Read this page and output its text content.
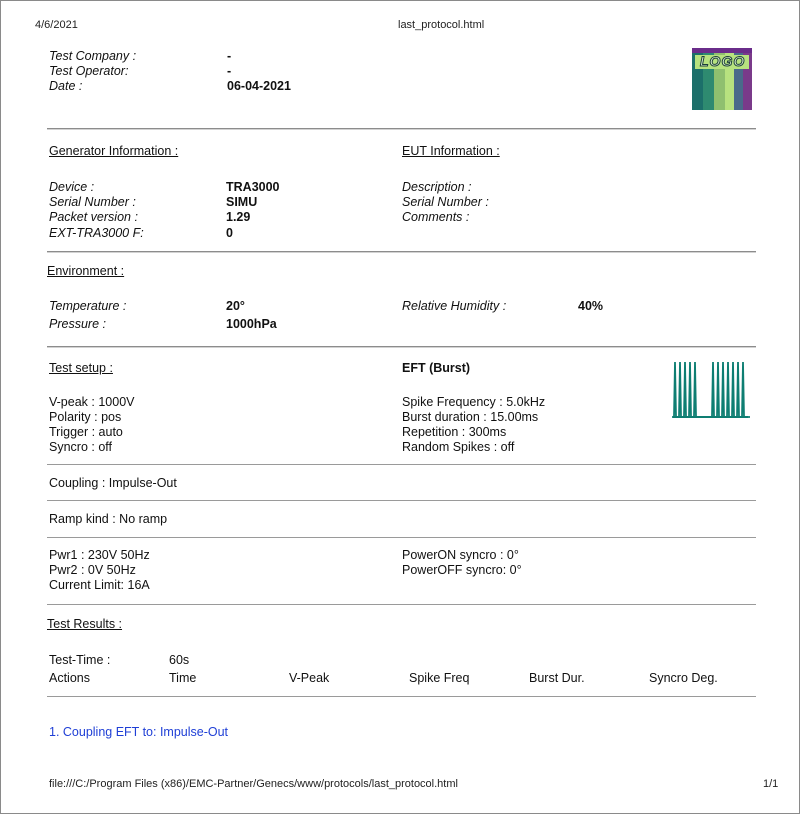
4/6/2021	last_protocol.html
Test Company :	-
Test Operator:	-
Date :	06-04-2021
LOGO
Generator Information :	EUT Information :
Device :	TRA3000
Serial Number :	SIMU
Packet version :	1.29
EXT-TRA3000 F:	0
Description :
Serial Number :
Comments :
Environment :
Temperature :	20°	Relative Humidity :	40%
Pressure :	1000hPa
Test setup :	EFT (Burst)
V-peak : 1000V
Polarity : pos
Trigger : auto
Syncro : off
Spike Frequency : 5.0kHz
Burst duration : 15.00ms
Repetition : 300ms
Random Spikes : off
Coupling : Impulse-Out
Ramp kind : No ramp
Pwr1 : 230V 50Hz
Pwr2 : 0V 50Hz
Current Limit: 16A
PowerON syncro : 0°
PowerOFF syncro: 0°
Test Results :
Test-Time :	60s
Actions	Time	V-Peak	Spike Freq	Burst Dur.	Syncro Deg.
1. Coupling EFT to: Impulse-Out
file:///C:/Program Files (x86)/EMC-Partner/Genecs/www/protocols/last_protocol.html	1/1
